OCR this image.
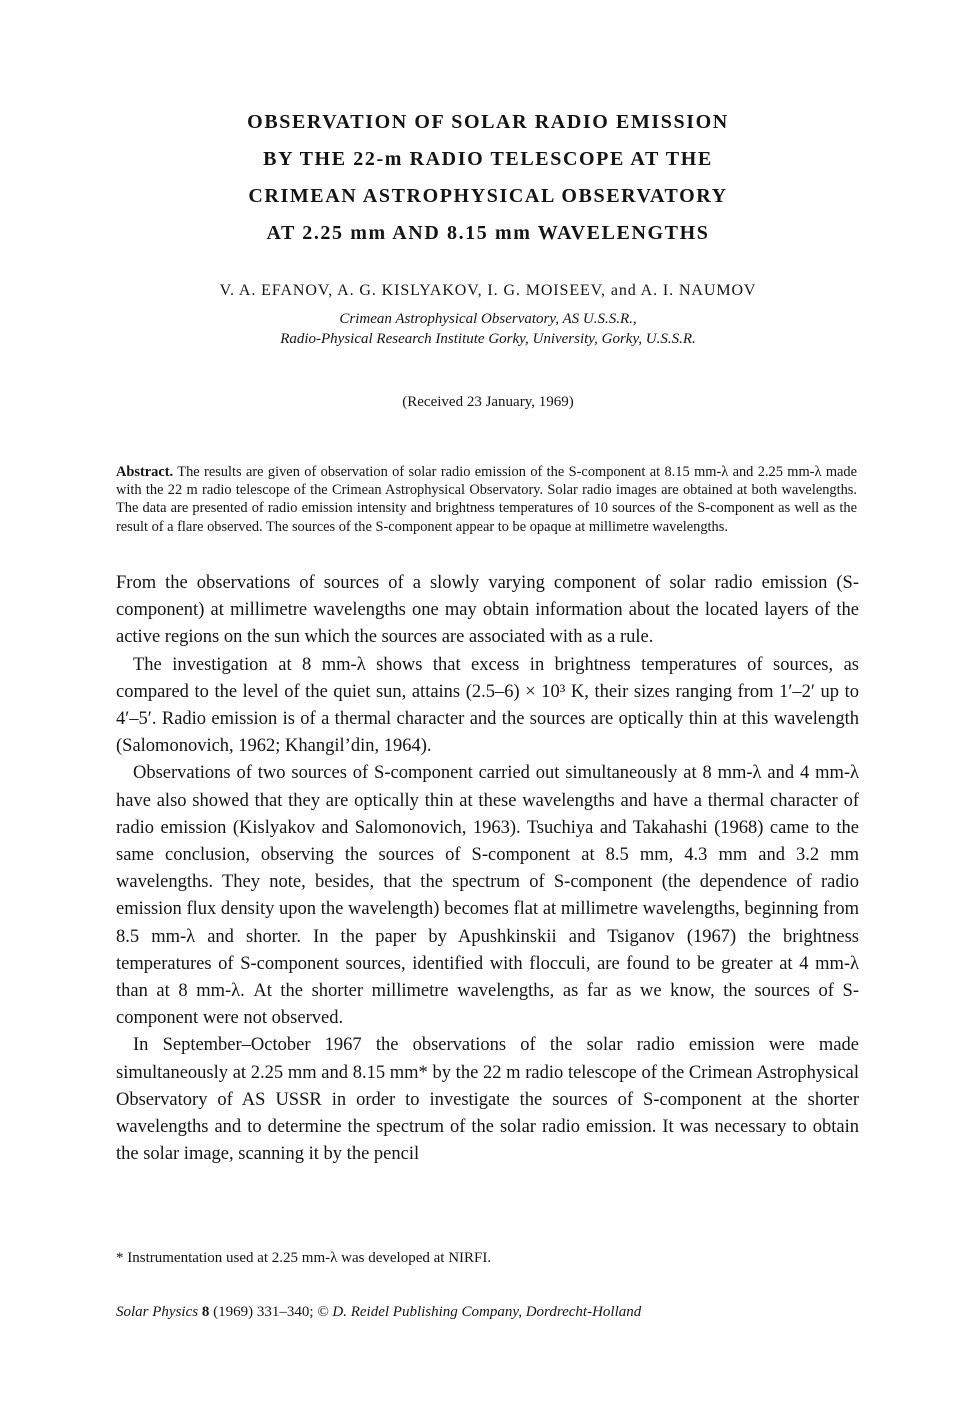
OBSERVATION OF SOLAR RADIO EMISSION
BY THE 22-m RADIO TELESCOPE AT THE
CRIMEAN ASTROPHYSICAL OBSERVATORY
AT 2.25 mm AND 8.15 mm WAVELENGTHS
V. A. EFANOV, A. G. KISLYAKOV, I. G. MOISEEV, and A. I. NAUMOV
Crimean Astrophysical Observatory, AS U.S.S.R.,
Radio-Physical Research Institute Gorky, University, Gorky, U.S.S.R.
(Received 23 January, 1969)
Abstract. The results are given of observation of solar radio emission of the S-component at 8.15 mm-λ and 2.25 mm-λ made with the 22 m radio telescope of the Crimean Astrophysical Observatory. Solar radio images are obtained at both wavelengths. The data are presented of radio emission intensity and brightness temperatures of 10 sources of the S-component as well as the result of a flare observed. The sources of the S-component appear to be opaque at millimetre wavelengths.

From the observations of sources of a slowly varying component of solar radio emission (S-component) at millimetre wavelengths one may obtain information about the located layers of the active regions on the sun which the sources are associated with as a rule.

The investigation at 8 mm-λ shows that excess in brightness temperatures of sources, as compared to the level of the quiet sun, attains (2.5–6) × 10³ K, their sizes ranging from 1′–2′ up to 4′–5′. Radio emission is of a thermal character and the sources are optically thin at this wavelength (Salomonovich, 1962; Khangil’din, 1964).

Observations of two sources of S-component carried out simultaneously at 8 mm-λ and 4 mm-λ have also showed that they are optically thin at these wavelengths and have a thermal character of radio emission (Kislyakov and Salomonovich, 1963). Tsuchiya and Takahashi (1968) came to the same conclusion, observing the sources of S-component at 8.5 mm, 4.3 mm and 3.2 mm wavelengths. They note, besides, that the spectrum of S-component (the dependence of radio emission flux density upon the wavelength) becomes flat at millimetre wavelengths, beginning from 8.5 mm-λ and shorter. In the paper by Apushkinskii and Tsiganov (1967) the brightness temperatures of S-component sources, identified with flocculi, are found to be greater at 4 mm-λ than at 8 mm-λ. At the shorter millimetre wavelengths, as far as we know, the sources of S-component were not observed.

In September–October 1967 the observations of the solar radio emission were made simultaneously at 2.25 mm and 8.15 mm* by the 22 m radio telescope of the Crimean Astrophysical Observatory of AS USSR in order to investigate the sources of S-component at the shorter wavelengths and to determine the spectrum of the solar radio emission. It was necessary to obtain the solar image, scanning it by the pencil

* Instrumentation used at 2.25 mm-λ was developed at NIRFI.
Solar Physics 8 (1969) 331–340; © D. Reidel Publishing Company, Dordrecht-Holland
